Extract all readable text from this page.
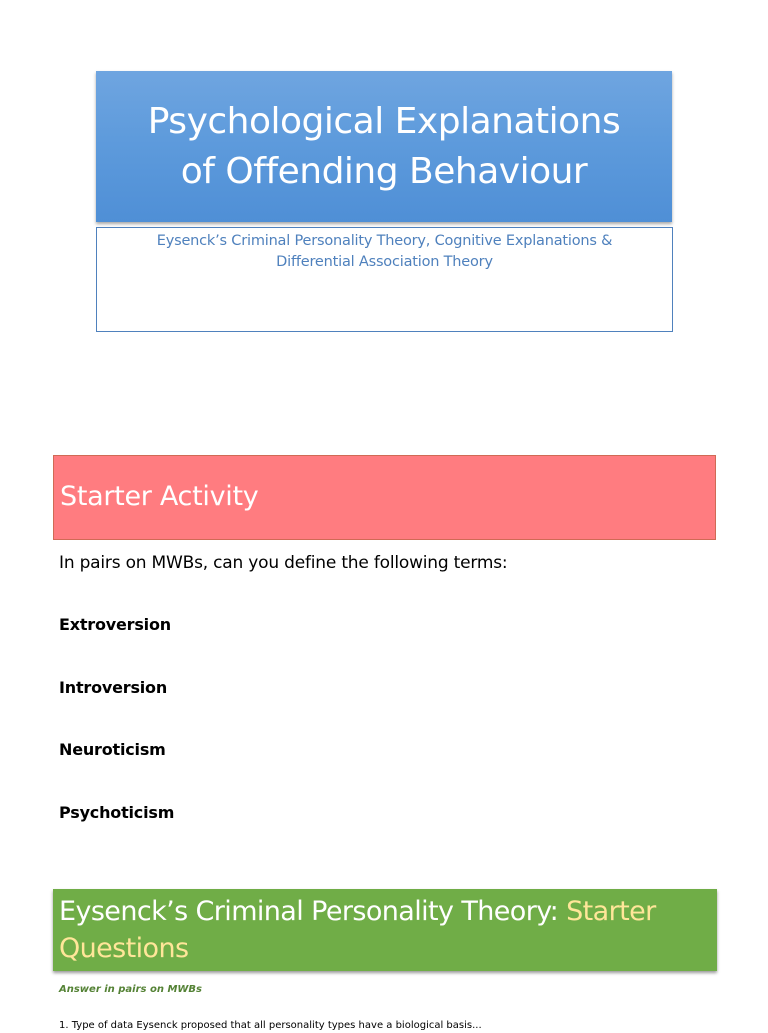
Psychological Explanations
of Offending Behaviour
Eysenck’s Criminal Personality Theory, Cognitive Explanations &
Differential Association Theory
Starter Activity
In pairs on MWBs, can you define the following terms:
Extroversion
Introversion
Neuroticism
Psychoticism
Eysenck’s Criminal Personality Theory: Starter
Questions
Answer in pairs on MWBs
1. Type of data Eysenck proposed that all personality types have a biological basis...
